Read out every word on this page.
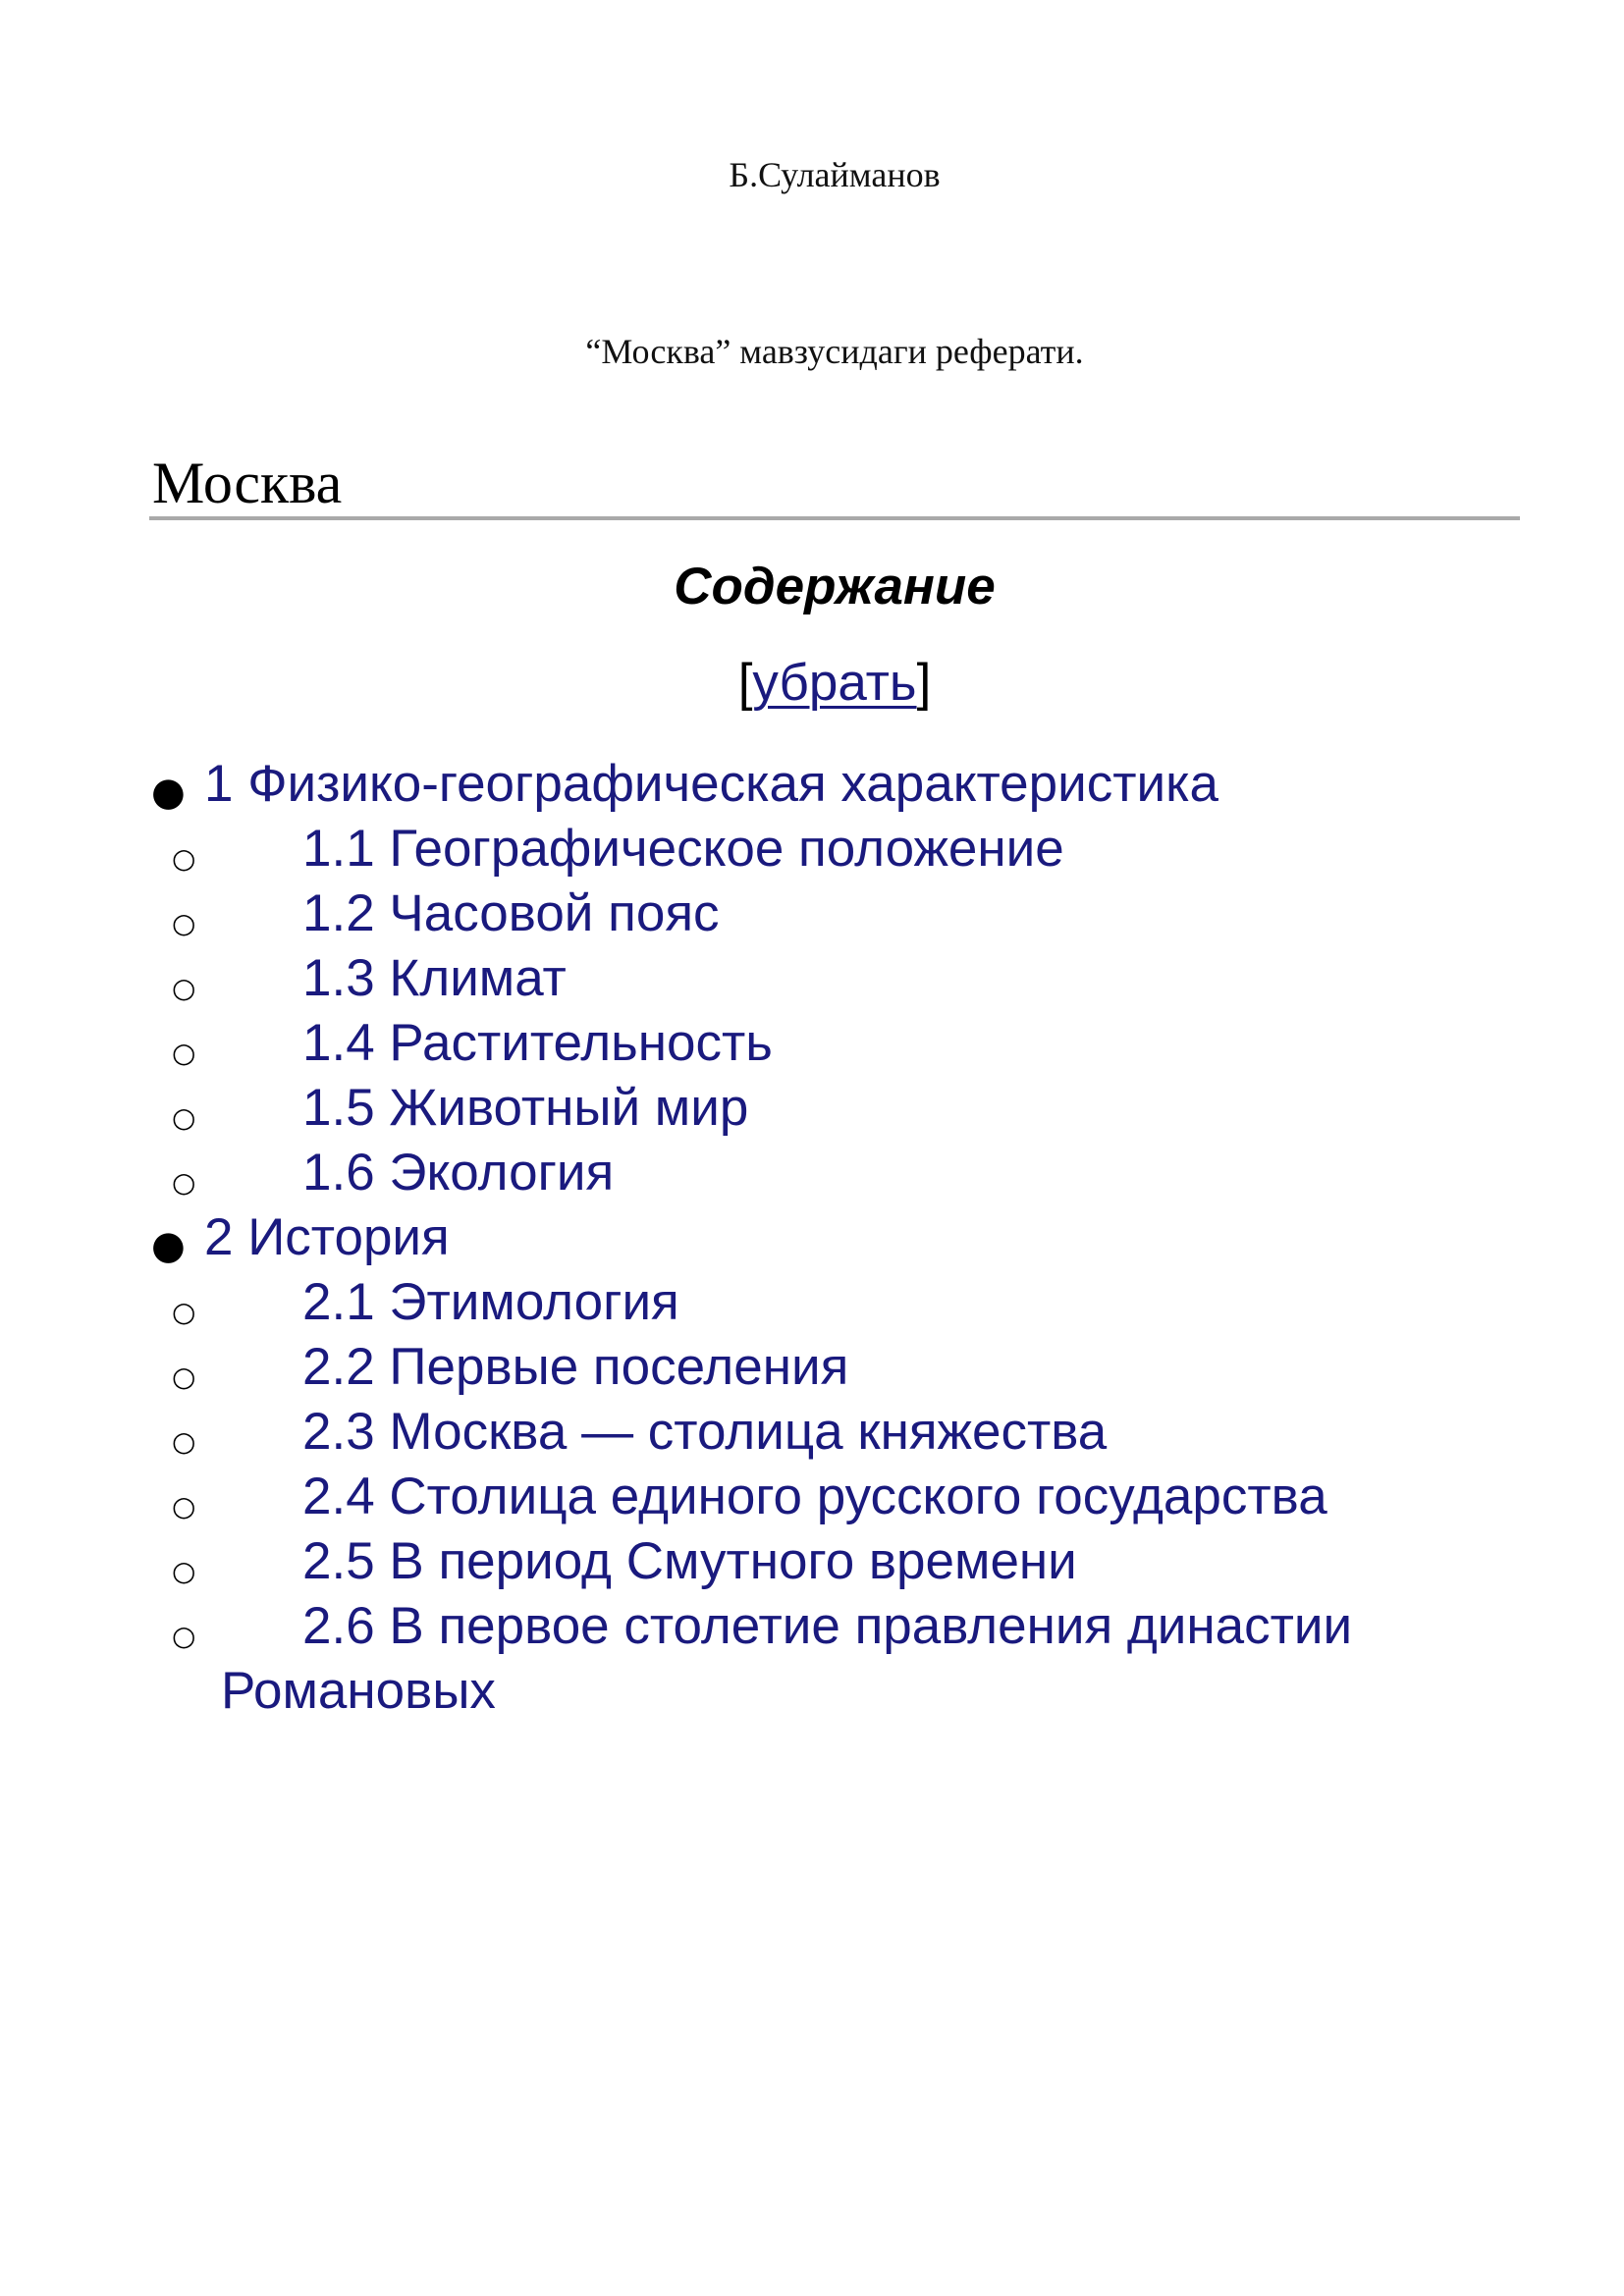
Б.Сулайманов
“Москва” мавзусидаги реферати.
Москва
Содержание
[убрать]
● 1 Физико-географическая характеристика
○ 1.1 Географическое положение
○ 1.2 Часовой пояс
○ 1.3 Климат
○ 1.4 Растительность
○ 1.5 Животный мир
○ 1.6 Экология
● 2 История
○ 2.1 Этимология
○ 2.2 Первые поселения
○ 2.3 Москва — столица княжества
○ 2.4 Столица единого русского государства
○ 2.5 В период Смутного времени
○ 2.6 В первое столетие правления династии Романовых
